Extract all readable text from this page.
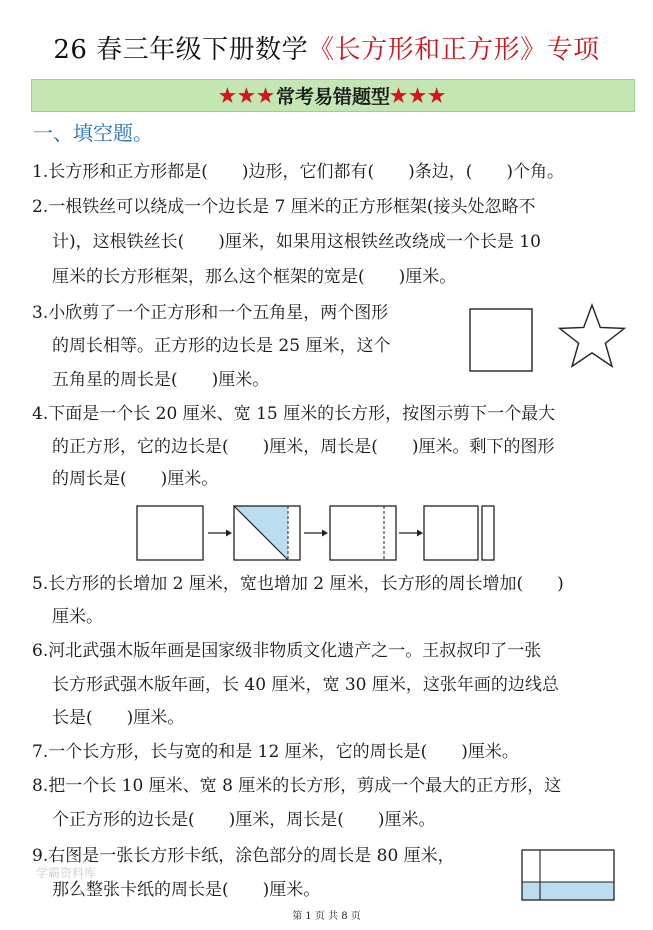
26 春三年级下册数学《长方形和正方形》专项
★★★ 常考易错题型 ★★★
一、填空题。
1.长方形和正方形都是(　　)边形，它们都有(　　)条边，(　　)个角。
2.一根铁丝可以绕成一个边长是 7 厘米的正方形框架(接头处忽略不
计)，这根铁丝长(　　)厘米，如果用这根铁丝改绕成一个长是 10
厘米的长方形框架，那么这个框架的宽是(　　)厘米。
3.小欣剪了一个正方形和一个五角星，两个图形
的周长相等。正方形的边长是 25 厘米，这个
五角星的周长是(　　)厘米。
4.下面是一个长 20 厘米、宽 15 厘米的长方形，按图示剪下一个最大
的正方形，它的边长是(　　)厘米，周长是(　　)厘米。剩下的图形
的周长是(　　)厘米。
5.长方形的长增加 2 厘米，宽也增加 2 厘米，长方形的周长增加(　　)
厘米。
6.河北武强木版年画是国家级非物质文化遗产之一。王叔叔印了一张
长方形武强木版年画，长 40 厘米，宽 30 厘米，这张年画的边线总
长是(　　)厘米。
7.一个长方形，长与宽的和是 12 厘米，它的周长是(　　)厘米。
8.把一个长 10 厘米、宽 8 厘米的长方形，剪成一个最大的正方形，这
个正方形的边长是(　　)厘米，周长是(　　)厘米。
9.右图是一张长方形卡纸，涂色部分的周长是 80 厘米，
那么整张卡纸的周长是(　　)厘米。
学霸资料库
第 1 页 共 8 页
